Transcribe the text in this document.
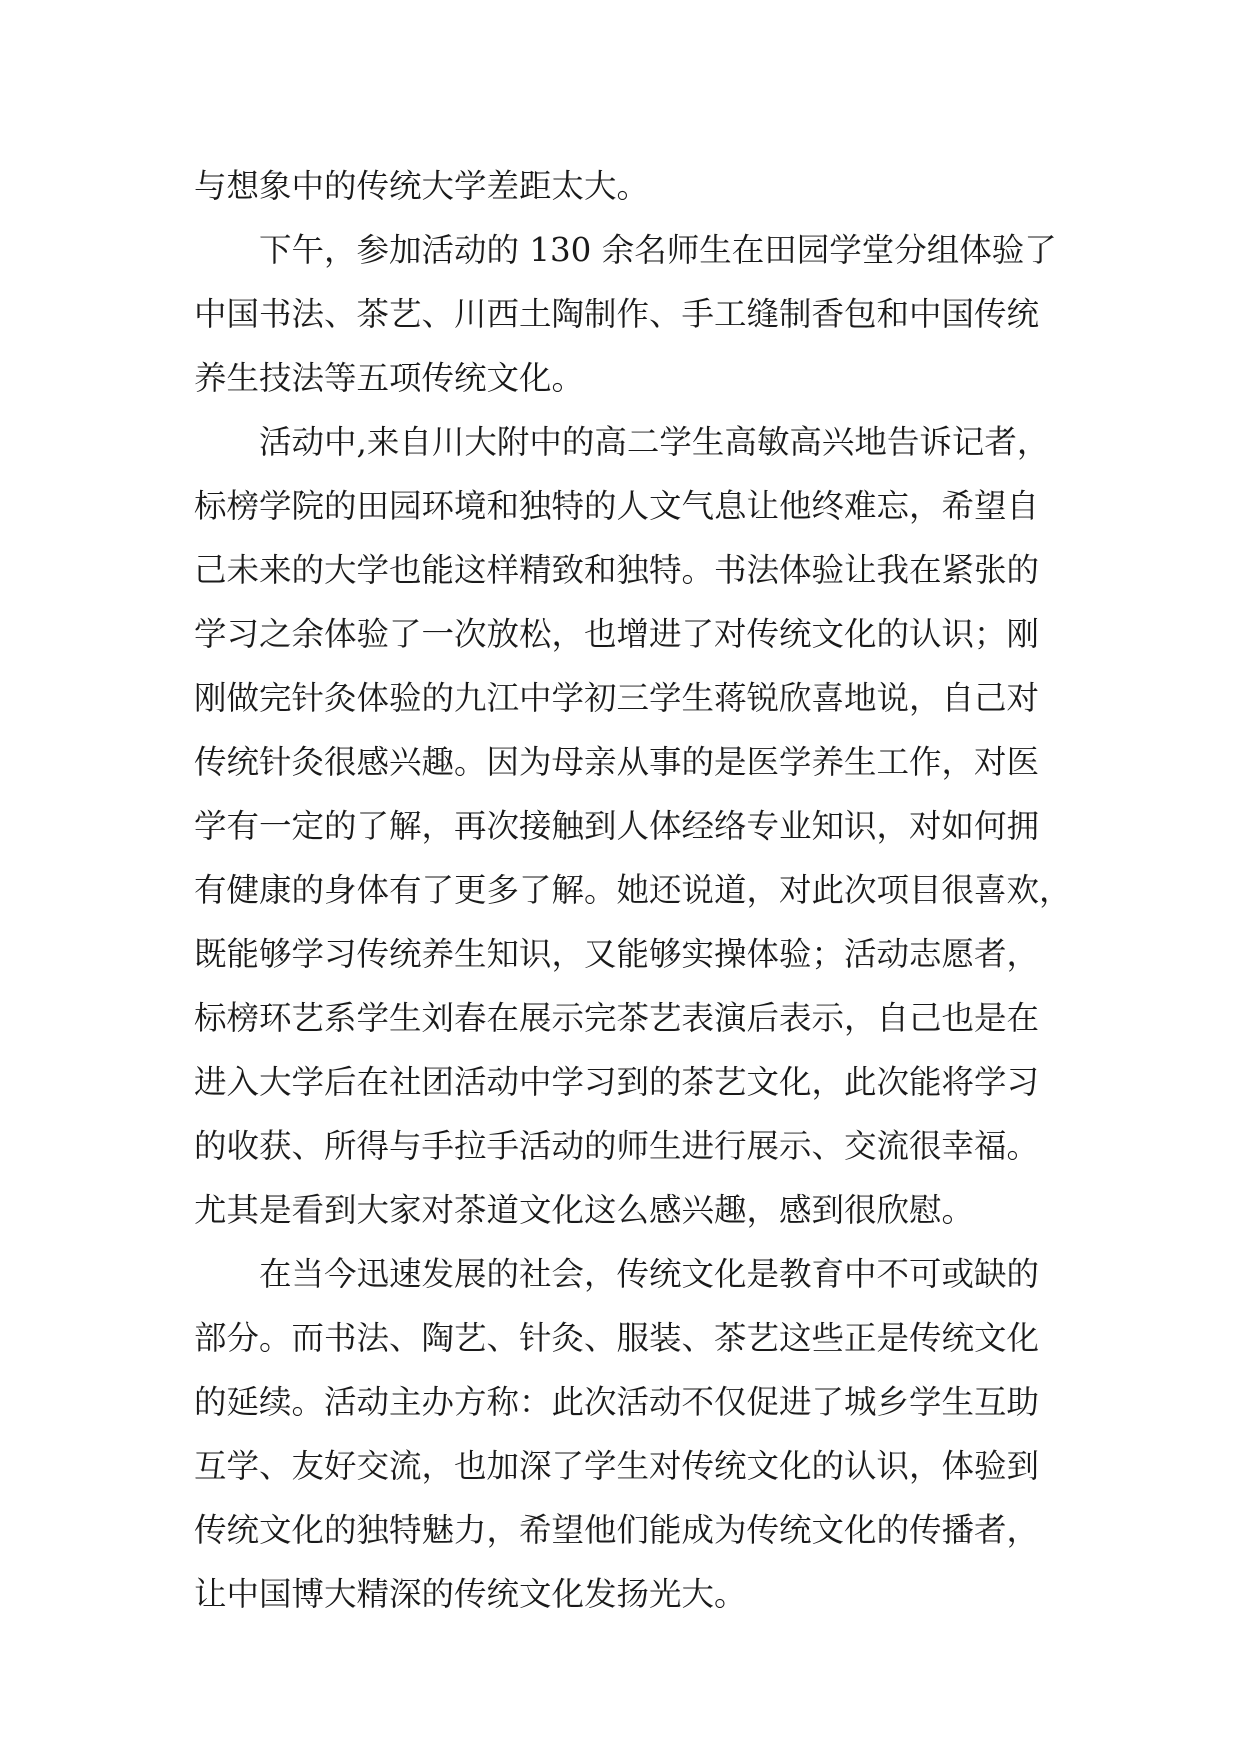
与想象中的传统大学差距太大。
下午，参加活动的 130 余名师生在田园学堂分组体验了
中国书法、茶艺、川西土陶制作、手工缝制香包和中国传统
养生技法等五项传统文化。
活动中,来自川大附中的高二学生高敏高兴地告诉记者，
标榜学院的田园环境和独特的人文气息让他终难忘，希望自
己未来的大学也能这样精致和独特。书法体验让我在紧张的
学习之余体验了一次放松，也增进了对传统文化的认识；刚
刚做完针灸体验的九江中学初三学生蒋锐欣喜地说，自己对
传统针灸很感兴趣。因为母亲从事的是医学养生工作，对医
学有一定的了解，再次接触到人体经络专业知识，对如何拥
有健康的身体有了更多了解。她还说道，对此次项目很喜欢，
既能够学习传统养生知识，又能够实操体验；活动志愿者，
标榜环艺系学生刘春在展示完茶艺表演后表示，自己也是在
进入大学后在社团活动中学习到的茶艺文化，此次能将学习
的收获、所得与手拉手活动的师生进行展示、交流很幸福。
尤其是看到大家对茶道文化这么感兴趣，感到很欣慰。
在当今迅速发展的社会，传统文化是教育中不可或缺的
部分。而书法、陶艺、针灸、服装、茶艺这些正是传统文化
的延续。活动主办方称：此次活动不仅促进了城乡学生互助
互学、友好交流，也加深了学生对传统文化的认识，体验到
传统文化的独特魅力，希望他们能成为传统文化的传播者，
让中国博大精深的传统文化发扬光大。
